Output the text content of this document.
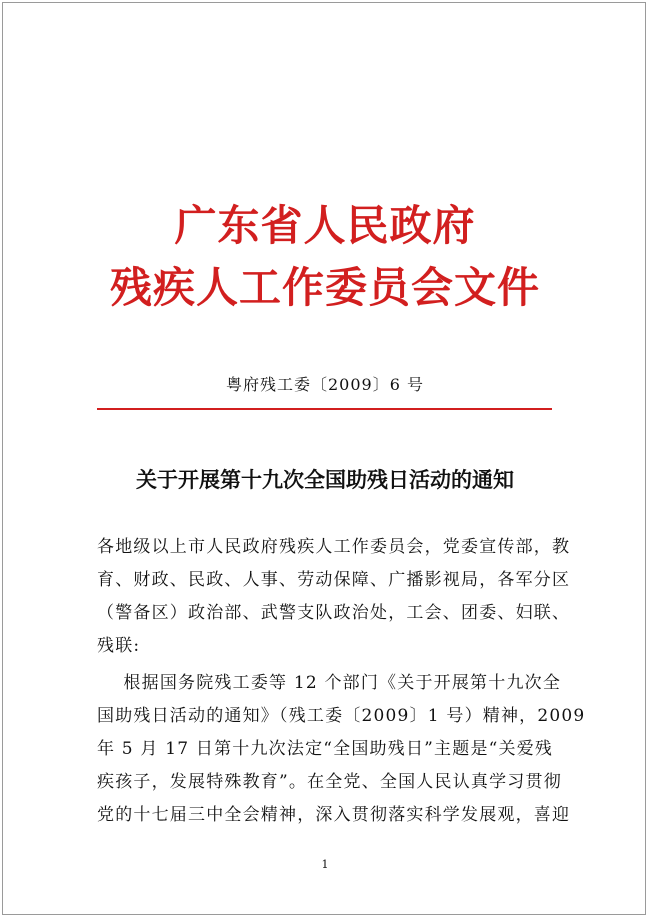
广东省人民政府
残疾人工作委员会文件
粤府残工委〔2009〕6 号
关于开展第十九次全国助残日活动的通知
各地级以上市人民政府残疾人工作委员会，党委宣传部，教
育、财政、民政、人事、劳动保障、广播影视局，各军分区
（警备区）政治部、武警支队政治处，工会、团委、妇联、
残联:
根据国务院残工委等 12 个部门《关于开展第十九次全
国助残日活动的通知》（残工委〔2009〕1 号）精神，2009
年 5 月 17 日第十九次法定“全国助残日”主题是“关爱残
疾孩子，发展特殊教育”。在全党、全国人民认真学习贯彻
党的十七届三中全会精神，深入贯彻落实科学发展观，喜迎
1
